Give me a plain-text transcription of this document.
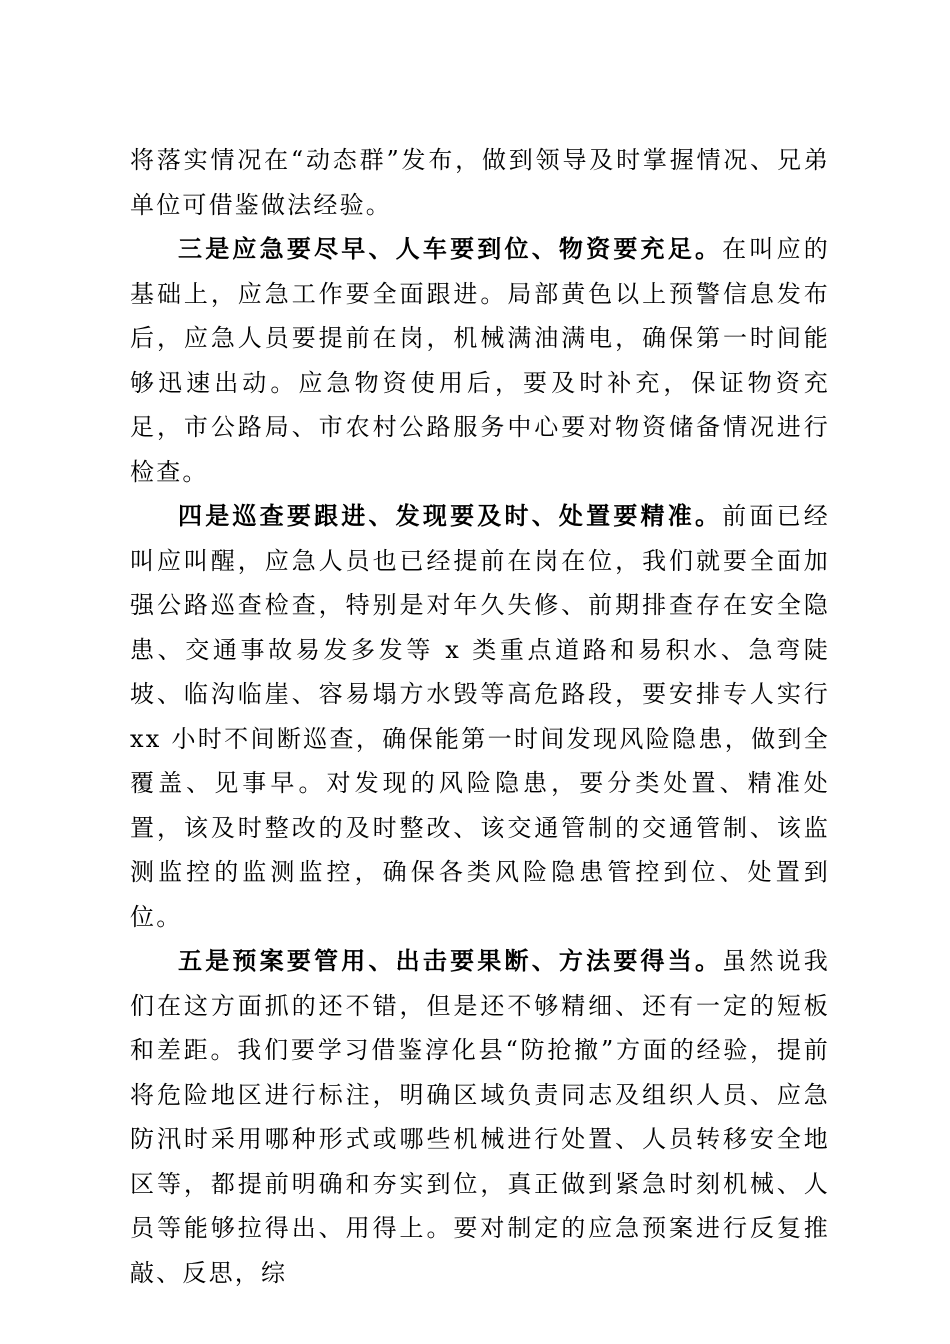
将落实情况在“动态群”发布，做到领导及时掌握情况、兄弟单位可借鉴做法经验。

三是应急要尽早、人车要到位、物资要充足。在叫应的基础上，应急工作要全面跟进。局部黄色以上预警信息发布后，应急人员要提前在岗，机械满油满电，确保第一时间能够迅速出动。应急物资使用后，要及时补充，保证物资充足，市公路局、市农村公路服务中心要对物资储备情况进行检查。

四是巡查要跟进、发现要及时、处置要精准。前面已经叫应叫醒，应急人员也已经提前在岗在位，我们就要全面加强公路巡查检查，特别是对年久失修、前期排查存在安全隐患、交通事故易发多发等 x 类重点道路和易积水、急弯陡坡、临沟临崖、容易塌方水毁等高危路段，要安排专人实行 xx 小时不间断巡查，确保能第一时间发现风险隐患，做到全覆盖、见事早。对发现的风险隐患，要分类处置、精准处置，该及时整改的及时整改、该交通管制的交通管制、该监测监控的监测监控，确保各类风险隐患管控到位、处置到位。

五是预案要管用、出击要果断、方法要得当。虽然说我们在这方面抓的还不错，但是还不够精细、还有一定的短板和差距。我们要学习借鉴淳化县“防抢撤”方面的经验，提前将危险地区进行标注，明确区域负责同志及组织人员、应急防汛时采用哪种形式或哪些机械进行处置、人员转移安全地区等，都提前明确和夯实到位，真正做到紧急时刻机械、人员等能够拉得出、用得上。要对制定的应急预案进行反复推敲、反思，综
